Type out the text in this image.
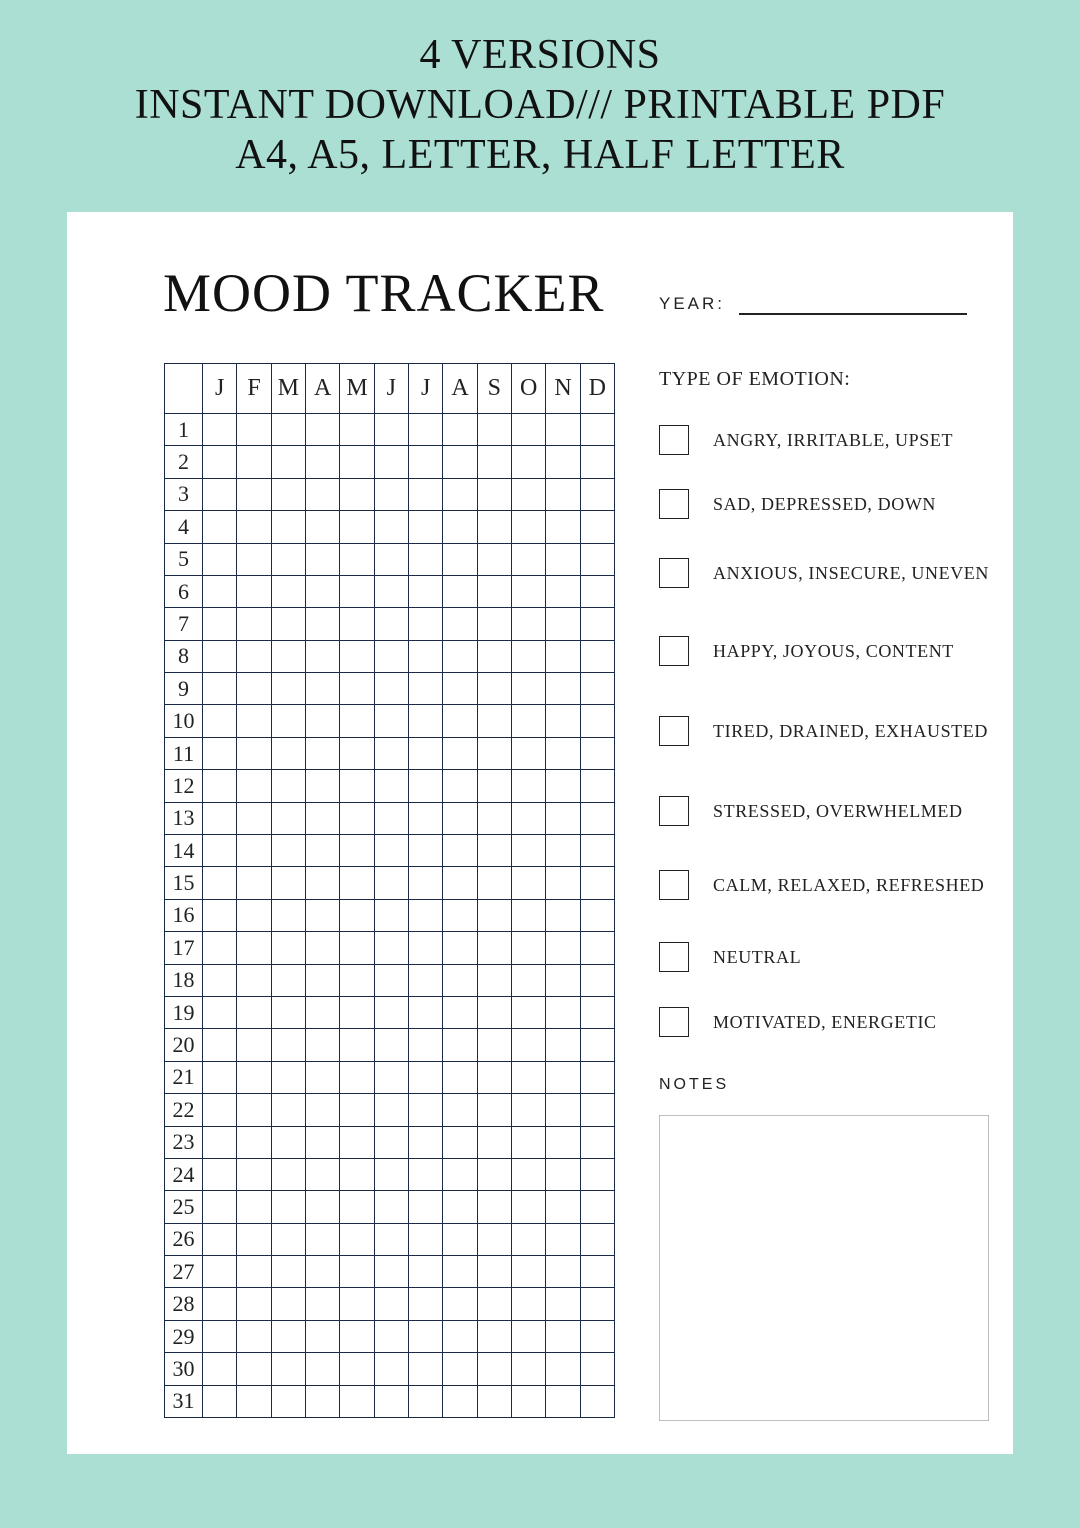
4 VERSIONS
INSTANT DOWNLOAD/// PRINTABLE PDF
A4, A5, LETTER, HALF LETTER
MOOD TRACKER	YEAR:
J F M A M J	J A S O N D
1
2
3
4
5
6
7
8
9
10
11
12
13
14
15
16
17
18
19
20
21
22
23
24
25
26
27
28
29
30
31
TYPE OF EMOTION:
ANGRY, IRRITABLE, UPSET
SAD, DEPRESSED, DOWN
ANXIOUS, INSECURE, UNEVEN
HAPPY, JOYOUS, CONTENT
TIRED, DRAINED, EXHAUSTED
STRESSED, OVERWHELMED
CALM, RELAXED, REFRESHED
NEUTRAL
MOTIVATED, ENERGETIC
NOTES
